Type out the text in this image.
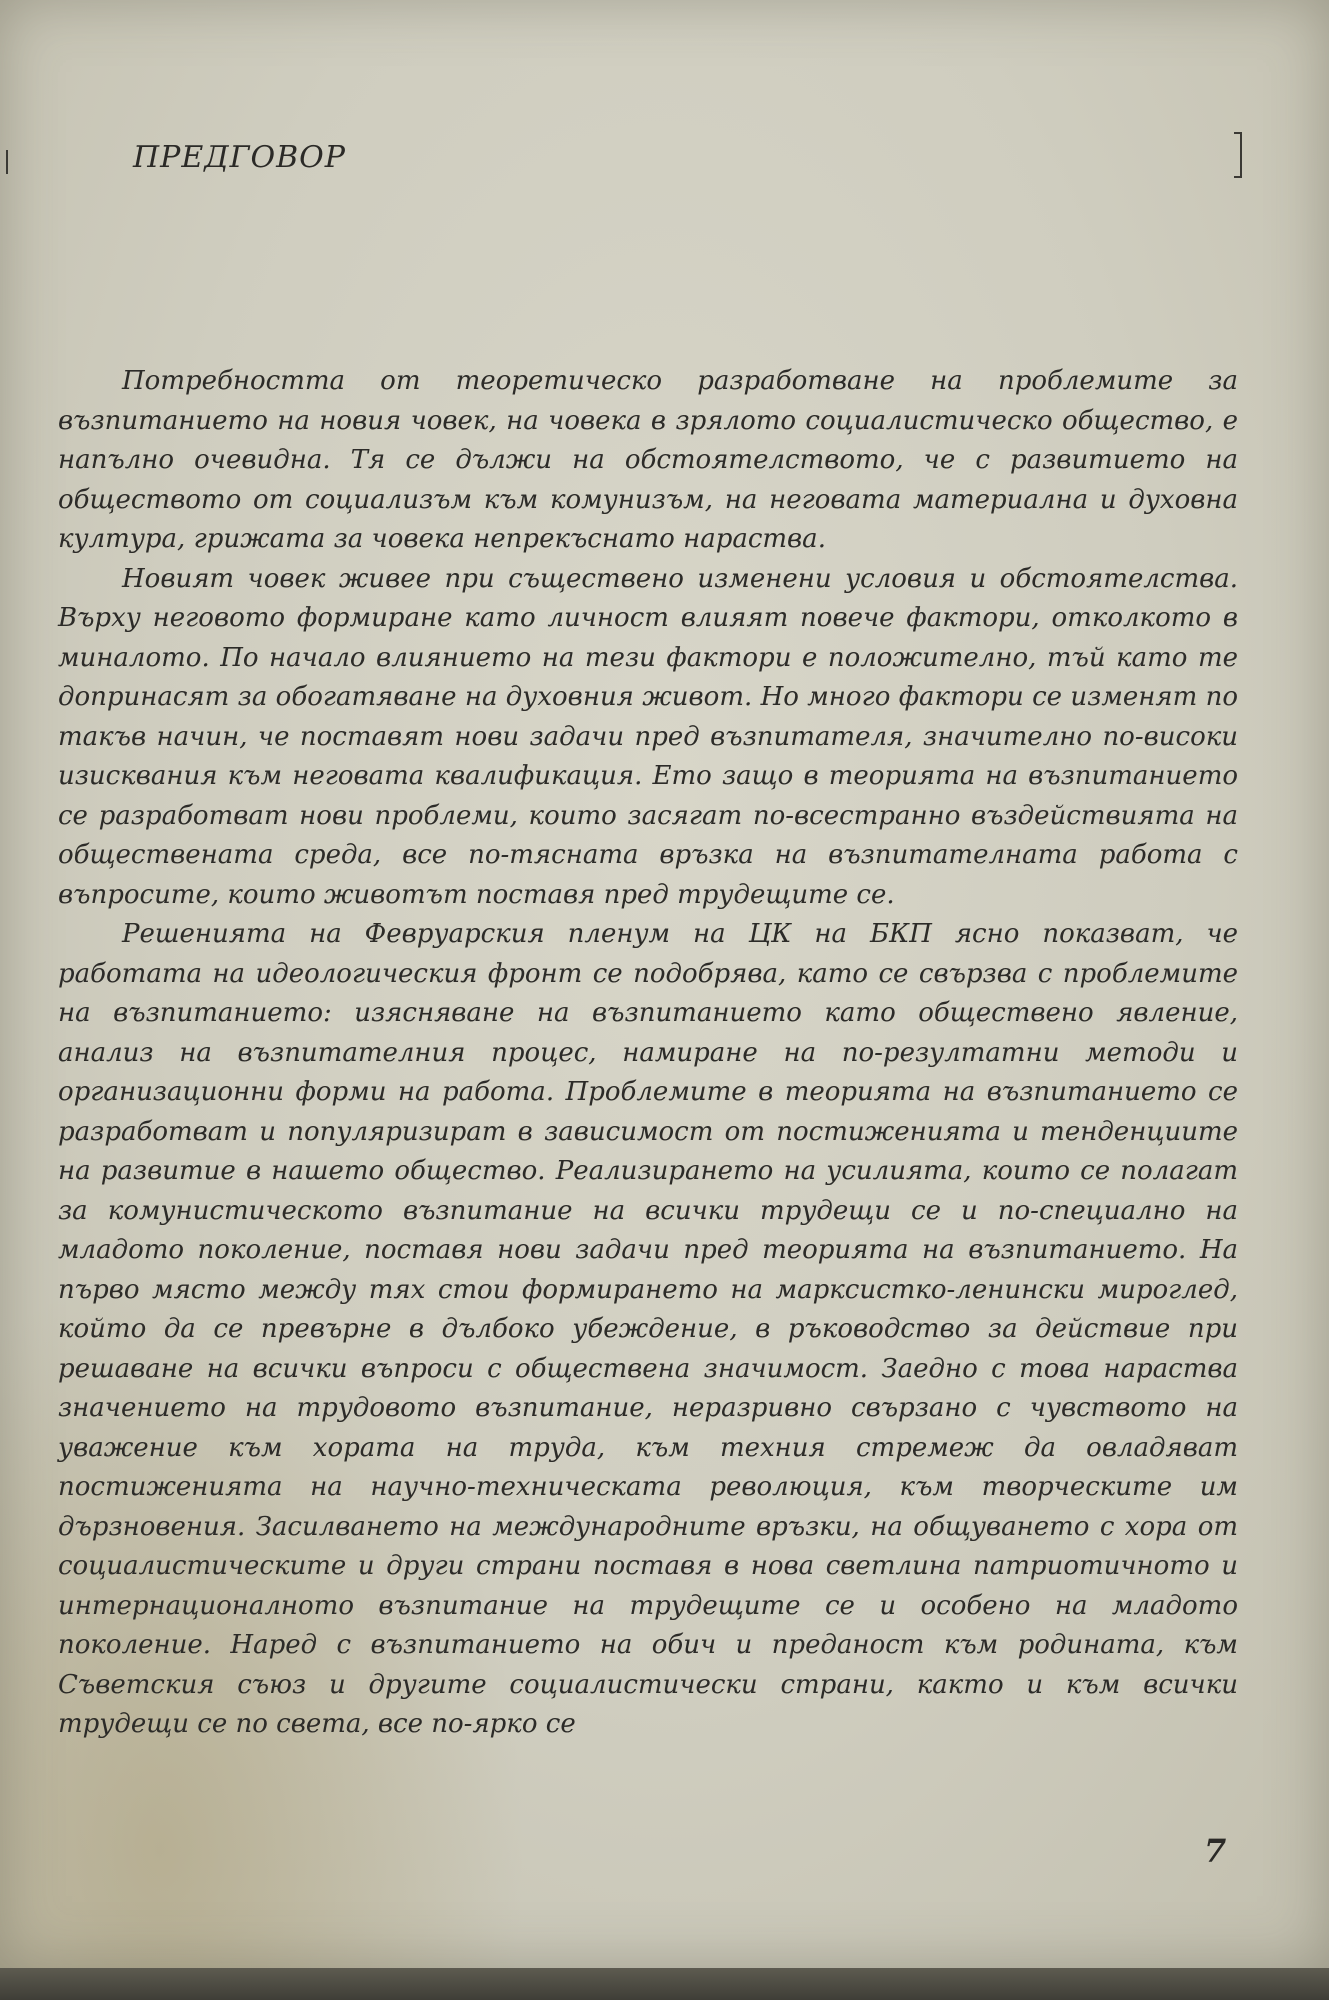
ПРЕДГОВОР

Потребността от теоретическо разработване на проблемите за възпитанието на новия човек, на човека в зрялото социалистическо общество, е напълно очевидна. Тя се дължи на обстоятелството, че с развитието на обществото от социализъм към комунизъм, на неговата материална и духовна култура, грижата за човека непрекъснато нараства.

Новият човек живее при съществено изменени условия и обстоятелства. Върху неговото формиране като личност влияят повече фактори, отколкото в миналото. По начало влиянието на тези фактори е положително, тъй като те допринасят за обогатяване на духовния живот. Но много фактори се изменят по такъв начин, че поставят нови задачи пред възпитателя, значително по-високи изисквания към неговата квалификация. Ето защо в теорията на възпитанието се разработват нови проблеми, които засягат по-всестранно въздействията на обществената среда, все по-тясната връзка на възпитателната работа с въпросите, които животът поставя пред трудещите се.

Решенията на Февруарския пленум на ЦК на БКП ясно показват, че работата на идеологическия фронт се подобрява, като се свързва с проблемите на възпитанието: изясняване на възпитанието като обществено явление, анализ на възпитателния процес, намиране на по-резултатни методи и организационни форми на работа. Проблемите в теорията на възпитанието се разработват и популяризират в зависимост от постиженията и тенденциите на развитие в нашето общество. Реализирането на усилията, които се полагат за комунистическото възпитание на всички трудещи се и по-специално на младото поколение, поставя нови задачи пред теорията на възпитанието. На първо място между тях стои формирането на марксистко-ленински мироглед, който да се превърне в дълбоко убеждение, в ръководство за действие при решаване на всички въпроси с обществена значимост. Заедно с това нараства значението на трудовото възпитание, неразривно свързано с чувството на уважение към хората на труда, към техния стремеж да овладяват постиженията на научно-техническата революция, към творческите им дързновения. Засилването на международните връзки, на общуването с хора от социалистическите и други страни поставя в нова светлина патриотичното и интернационалното възпитание на трудещите се и особено на младото поколение. Наред с възпитанието на обич и преданост към родината, към Съветския съюз и другите социалистически страни, както и към всички трудещи се по света, все по-ярко се

7
